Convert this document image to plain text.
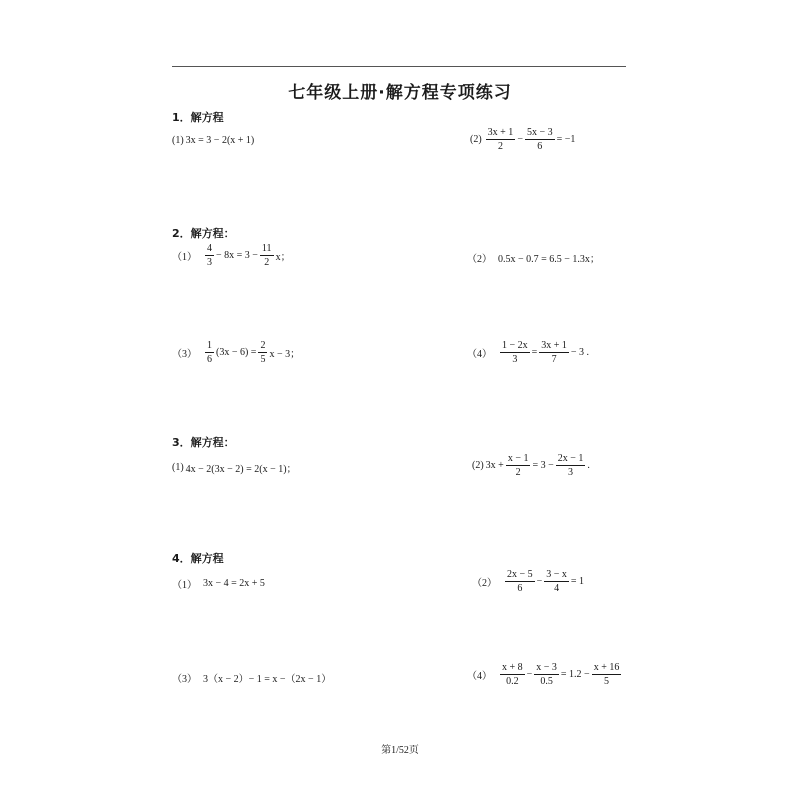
七年级上册·解方程专项练习
1．解方程
(1) 3x = 3 − 2(x + 1)	$(2) \frac{3x + 1}{2} - \frac{5x - 3}{6} = -1$
2．解方程：
$(1) \frac{4}{3} - 8x = 3 - \frac{11}{2}$ x；	（2） 0.5x − 0.7 = 6.5 − 1.3x；
$(3) \frac{1}{6} (3x - 6) = \frac{2}{5}$ x − 3；	$(4) \frac{1 - 2x}{3} = \frac{3x + 1}{7} - 3$ .
3．解方程：
(1) 4x − 2(3x − 2) = 2(x − 1)；	(2) $3x + \frac{x - 1}{2} = 3 - \frac{2x - 1}{3}$ .
4．解方程
（1） 3x − 4 = 2x + 5	$(2) \frac{2x - 5}{6} - \frac{3 - x}{4} = 1$
（3） 3（x − 2）− 1 = x −（2x − 1）	$(4) \frac{x + 8}{0.2} - \frac{x - 3}{0.5} = 1.2 - \frac{x + 16}{5}$
第1/52页
